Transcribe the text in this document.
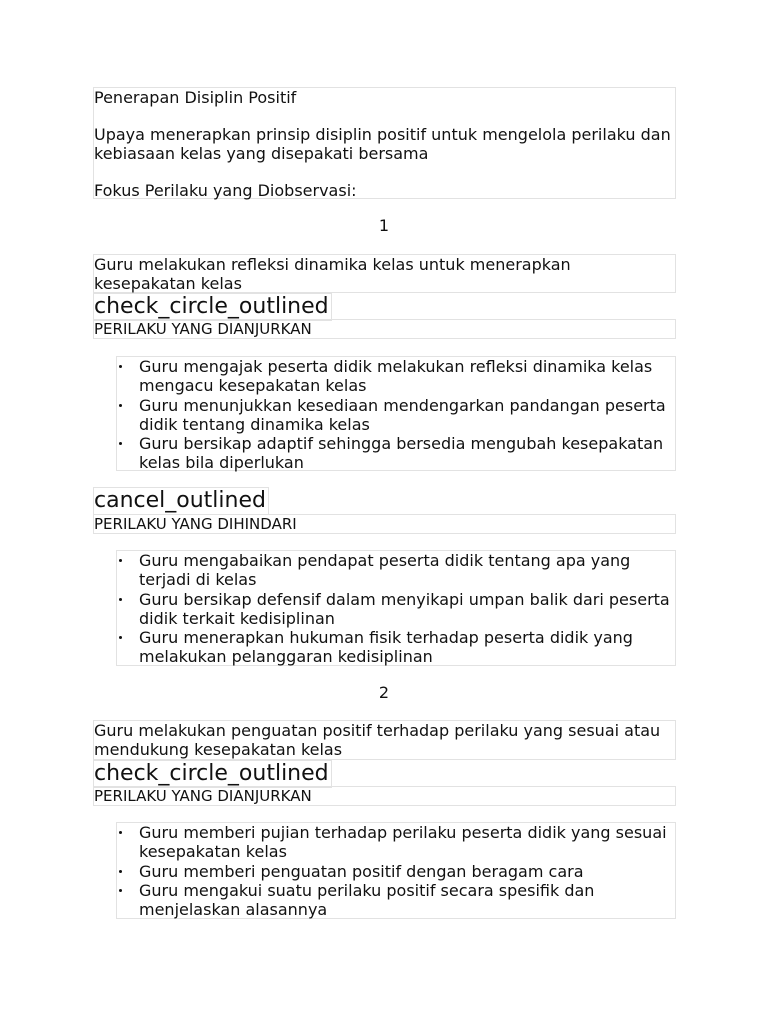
Penerapan Disiplin Positif

Upaya menerapkan prinsip disiplin positif untuk mengelola perilaku dan kebiasaan kelas yang disepakati bersama

Fokus Perilaku yang Diobservasi:

1
Guru melakukan refleksi dinamika kelas untuk menerapkan kesepakatan kelas
check_circle_outlined
PERILAKU YANG DIANJURKAN
Guru mengajak peserta didik melakukan refleksi dinamika kelas mengacu kesepakatan kelas
Guru menunjukkan kesediaan mendengarkan pandangan peserta didik tentang dinamika kelas
Guru bersikap adaptif sehingga bersedia mengubah kesepakatan kelas bila diperlukan
cancel_outlined
PERILAKU YANG DIHINDARI
Guru mengabaikan pendapat peserta didik tentang apa yang terjadi di kelas
Guru bersikap defensif dalam menyikapi umpan balik dari peserta didik terkait kedisiplinan
Guru menerapkan hukuman fisik terhadap peserta didik yang melakukan pelanggaran kedisiplinan
2
Guru melakukan penguatan positif terhadap perilaku yang sesuai atau mendukung kesepakatan kelas
check_circle_outlined
PERILAKU YANG DIANJURKAN
Guru memberi pujian terhadap perilaku peserta didik yang sesuai kesepakatan kelas
Guru memberi penguatan positif dengan beragam cara
Guru mengakui suatu perilaku positif secara spesifik dan menjelaskan alasannya
